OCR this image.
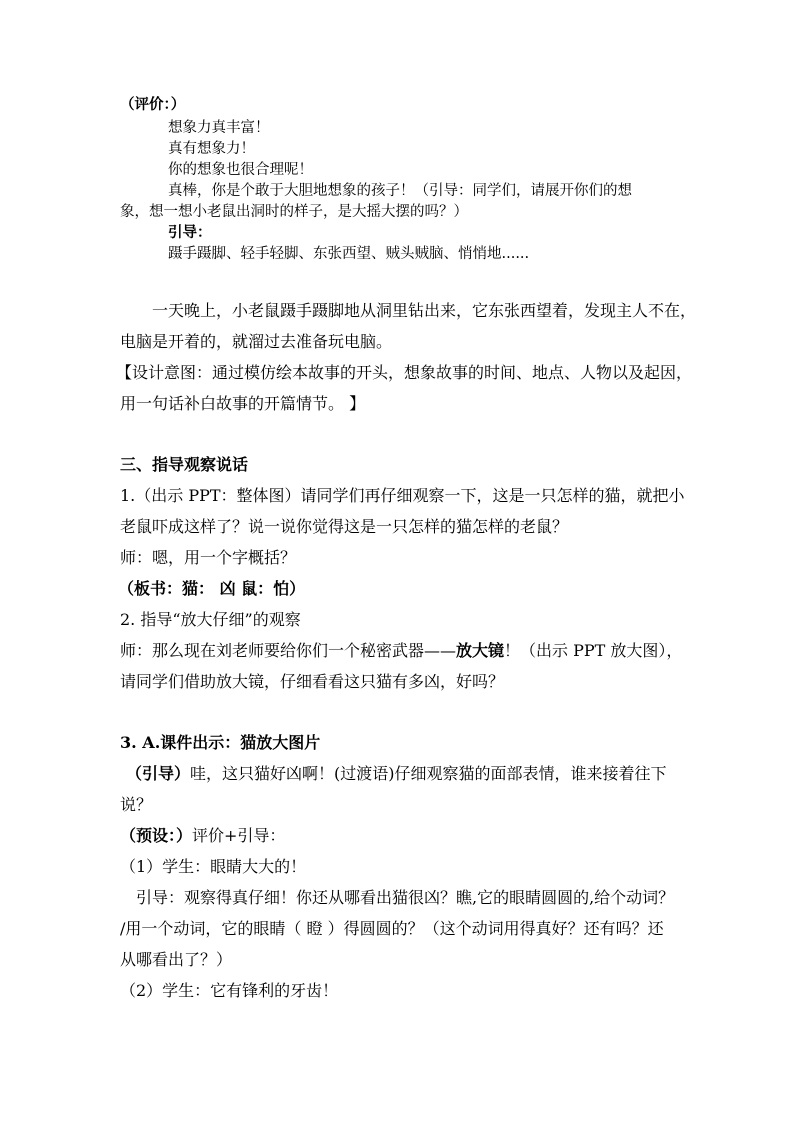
（评价：）
想象力真丰富！
真有想象力！
你的想象也很合理呢！
真棒，你是个敢于大胆地想象的孩子！（引导：同学们，请展开你们的想
象，想一想小老鼠出洞时的样子，是大摇大摆的吗？）
引导：
蹑手蹑脚、轻手轻脚、东张西望、贼头贼脑、悄悄地......
一天晚上，小老鼠蹑手蹑脚地从洞里钻出来，它东张西望着，发现主人不在，
电脑是开着的，就溜过去准备玩电脑。
【设计意图：通过模仿绘本故事的开头，想象故事的时间、地点、人物以及起因，
用一句话补白故事的开篇情节。 】
三、指导观察说话
1.（出示 PPT：整体图）请同学们再仔细观察一下，这是一只怎样的猫，就把小
老鼠吓成这样了？说一说你觉得这是一只怎样的猫怎样的老鼠？
师：嗯，用一个字概括？
（板书：猫： 凶 鼠：怕）
2. 指导“放大仔细”的观察
师：那么现在刘老师要给你们一个秘密武器——放大镜！（出示 PPT 放大图），
请同学们借助放大镜，仔细看看这只猫有多凶，好吗？
3. A.课件出示：猫放大图片
（引导）哇，这只猫好凶啊！(过渡语)仔细观察猫的面部表情，谁来接着往下
说？
（预设：）评价+引导：
（1）学生：眼睛大大的！
引导：观察得真仔细！你还从哪看出猫很凶？瞧,它的眼睛圆圆的,给个动词？
/用一个动词，它的眼睛（ 瞪 ）得圆圆的？（这个动词用得真好？还有吗？还
从哪看出了？）
（2）学生：它有锋利的牙齿！
